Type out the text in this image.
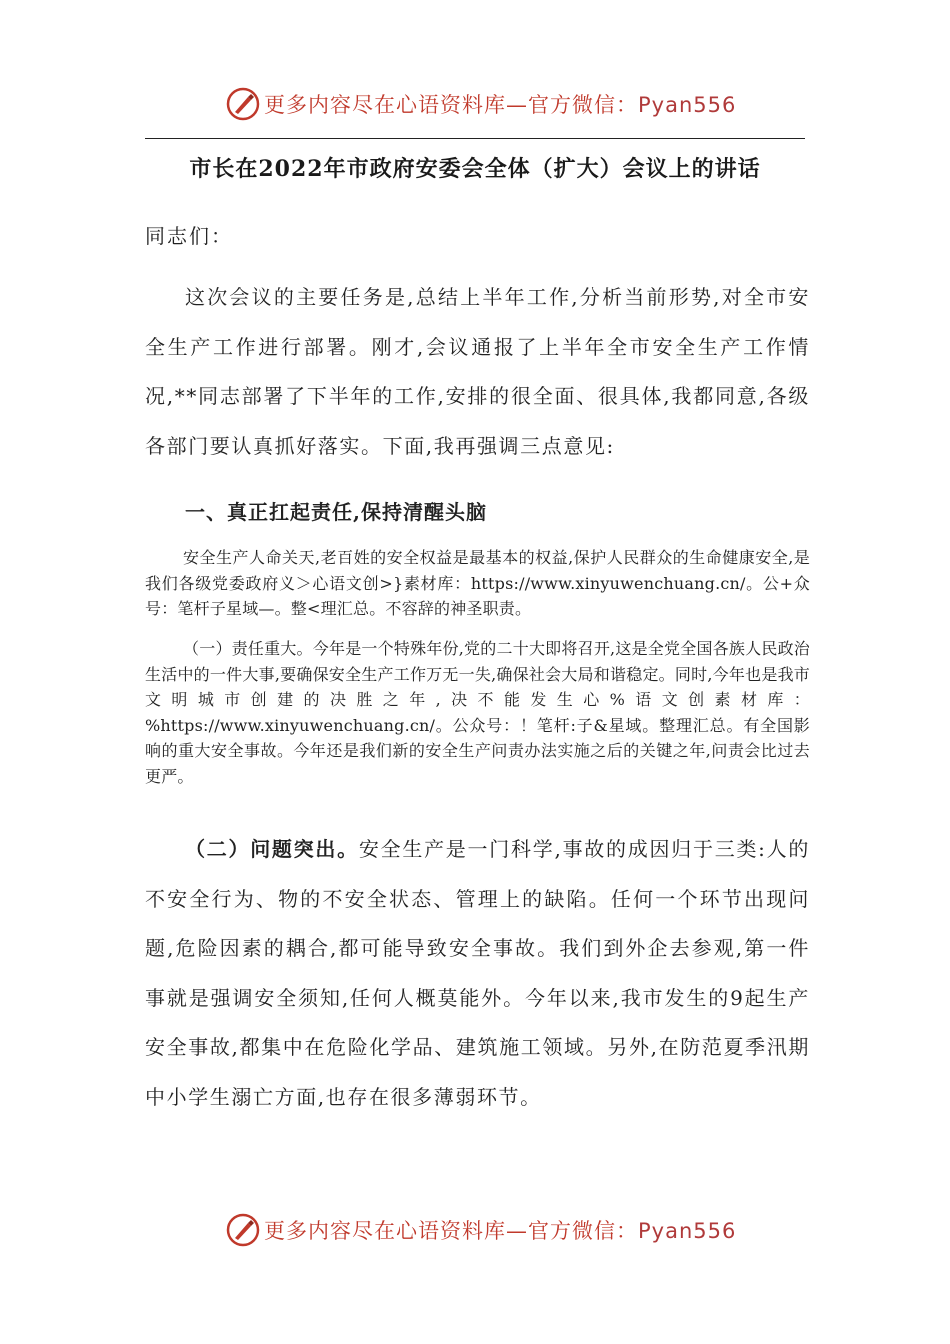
更多内容尽在心语资料库—官方微信：Pyan556
市长在2022年市政府安委会全体（扩大）会议上的讲话
同志们：

这次会议的主要任务是,总结上半年工作,分析当前形势,对全市安全生产工作进行部署。刚才,会议通报了上半年全市安全生产工作情况,**同志部署了下半年的工作,安排的很全面、很具体,我都同意,各级各部门要认真抓好落实。下面,我再强调三点意见:

一、真正扛起责任,保持清醒头脑

安全生产人命关天,老百姓的安全权益是最基本的权益,保护人民群众的生命健康安全,是我们各级党委政府义＞心语文创>}素材库：https://www.xinyuwenchuang.cn/。公+众号：笔杆子星域—。整<理汇总。不容辞的神圣职责。

（一）责任重大。今年是一个特殊年份,党的二十大即将召开,这是全党全国各族人民政治生活中的一件大事,要确保安全生产工作万无一失,确保社会大局和谐稳定。同时,今年也是我市文明城市创建的决胜之年,决不能发生心%语文创素材库：%https://www.xinyuwenchuang.cn/。公众号：！笔杆:子&星域。整理汇总。有全国影响的重大安全事故。今年还是我们新的安全生产问责办法实施之后的关键之年,问责会比过去更严。

（二）问题突出。安全生产是一门科学,事故的成因归于三类:人的不安全行为、物的不安全状态、管理上的缺陷。任何一个环节出现问题,危险因素的耦合,都可能导致安全事故。我们到外企去参观,第一件事就是强调安全须知,任何人概莫能外。今年以来,我市发生的9起生产安全事故,都集中在危险化学品、建筑施工领域。另外,在防范夏季汛期中小学生溺亡方面,也存在很多薄弱环节。

更多内容尽在心语资料库—官方微信：Pyan556
